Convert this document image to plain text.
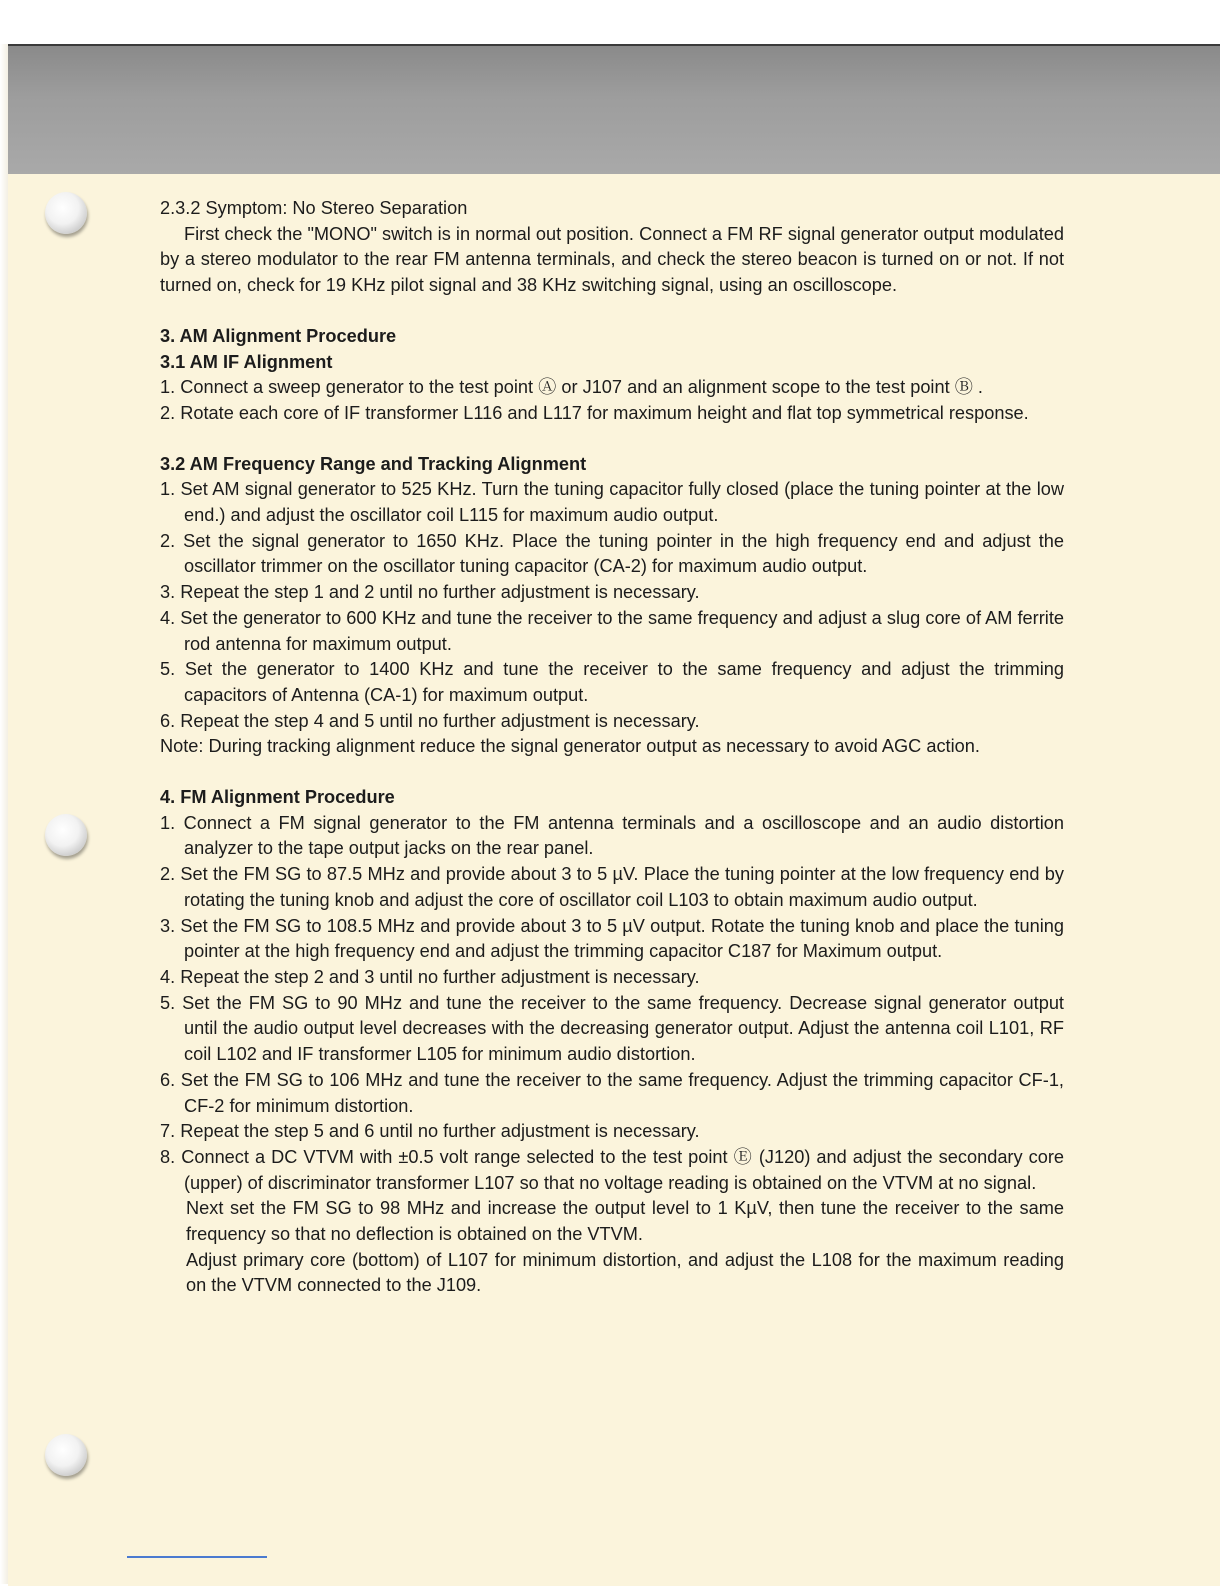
2.3.2 Symptom: No Stereo Separation
First check the "MONO" switch is in normal out position. Connect a FM RF signal generator output modulated by a stereo modulator to the rear FM antenna terminals, and check the stereo beacon is turned on or not. If not turned on, check for 19 KHz pilot signal and 38 KHz switching signal, using an oscilloscope.
3. AM Alignment Procedure
3.1 AM IF Alignment
1. Connect a sweep generator to the test point Ⓐ or J107 and an alignment scope to the test point Ⓑ .
2. Rotate each core of IF transformer L116 and L117 for maximum height and flat top symmetrical response.
3.2 AM Frequency Range and Tracking Alignment
1. Set AM signal generator to 525 KHz. Turn the tuning capacitor fully closed (place the tuning pointer at the low end.) and adjust the oscillator coil L115 for maximum audio output.
2. Set the signal generator to 1650 KHz. Place the tuning pointer in the high frequency end and adjust the oscillator trimmer on the oscillator tuning capacitor (CA-2) for maximum audio output.
3. Repeat the step 1 and 2 until no further adjustment is necessary.
4. Set the generator to 600 KHz and tune the receiver to the same frequency and adjust a slug core of AM ferrite rod antenna for maximum output.
5. Set the generator to 1400 KHz and tune the receiver to the same frequency and adjust the trimming capacitors of Antenna (CA-1) for maximum output.
6. Repeat the step 4 and 5 until no further adjustment is necessary.
Note: During tracking alignment reduce the signal generator output as necessary to avoid AGC action.
4. FM Alignment Procedure
1. Connect a FM signal generator to the FM antenna terminals and a oscilloscope and an audio distortion analyzer to the tape output jacks on the rear panel.
2. Set the FM SG to 87.5 MHz and provide about 3 to 5 µV. Place the tuning pointer at the low frequency end by rotating the tuning knob and adjust the core of oscillator coil L103 to obtain maximum audio output.
3. Set the FM SG to 108.5 MHz and provide about 3 to 5 µV output. Rotate the tuning knob and place the tuning pointer at the high frequency end and adjust the trimming capacitor C187 for Maximum output.
4. Repeat the step 2 and 3 until no further adjustment is necessary.
5. Set the FM SG to 90 MHz and tune the receiver to the same frequency. Decrease signal generator output until the audio output level decreases with the decreasing generator output. Adjust the antenna coil L101, RF coil L102 and IF transformer L105 for minimum audio distortion.
6. Set the FM SG to 106 MHz and tune the receiver to the same frequency. Adjust the trimming capacitor CF-1, CF-2 for minimum distortion.
7. Repeat the step 5 and 6 until no further adjustment is necessary.
8. Connect a DC VTVM with ±0.5 volt range selected to the test point Ⓔ (J120) and adjust the secondary core (upper) of discriminator transformer L107 so that no voltage reading is obtained on the VTVM at no signal.
Next set the FM SG to 98 MHz and increase the output level to 1 KµV, then tune the receiver to the same frequency so that no deflection is obtained on the VTVM.
Adjust primary core (bottom) of L107 for minimum distortion, and adjust the L108 for the maximum reading on the VTVM connected to the J109.
